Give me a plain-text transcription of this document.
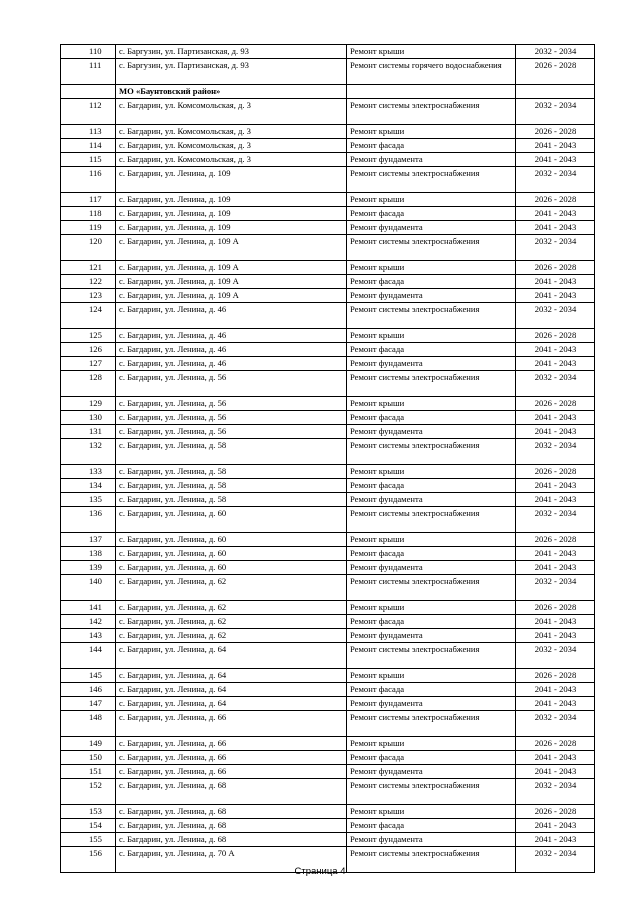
110	с. Баргузин, ул. Партизанская, д. 93	Ремонт крыши	2032 - 2034
111	с. Баргузин, ул. Партизанская, д. 93	Ремонт системы горячего водоснабжения	2026 - 2028
	МО «Баунтовский район»		
112	с. Багдарин, ул. Комсомольская, д. 3	Ремонт системы электроснабжения	2032 - 2034
113	с. Багдарин, ул. Комсомольская, д. 3	Ремонт крыши	2026 - 2028
114	с. Багдарин, ул. Комсомольская, д. 3	Ремонт фасада	2041 - 2043
115	с. Багдарин, ул. Комсомольская, д. 3	Ремонт фундамента	2041 - 2043
116	с. Багдарин, ул. Ленина, д. 109	Ремонт системы электроснабжения	2032 - 2034
117	с. Багдарин, ул. Ленина, д. 109	Ремонт крыши	2026 - 2028
118	с. Багдарин, ул. Ленина, д. 109	Ремонт фасада	2041 - 2043
119	с. Багдарин, ул. Ленина, д. 109	Ремонт фундамента	2041 - 2043
120	с. Багдарин, ул. Ленина, д. 109 А	Ремонт системы электроснабжения	2032 - 2034
121	с. Багдарин, ул. Ленина, д. 109 А	Ремонт крыши	2026 - 2028
122	с. Багдарин, ул. Ленина, д. 109 А	Ремонт фасада	2041 - 2043
123	с. Багдарин, ул. Ленина, д. 109 А	Ремонт фундамента	2041 - 2043
124	с. Багдарин, ул. Ленина, д. 46	Ремонт системы электроснабжения	2032 - 2034
125	с. Багдарин, ул. Ленина, д. 46	Ремонт крыши	2026 - 2028
126	с. Багдарин, ул. Ленина, д. 46	Ремонт фасада	2041 - 2043
127	с. Багдарин, ул. Ленина, д. 46	Ремонт фундамента	2041 - 2043
128	с. Багдарин, ул. Ленина, д. 56	Ремонт системы электроснабжения	2032 - 2034
129	с. Багдарин, ул. Ленина, д. 56	Ремонт крыши	2026 - 2028
130	с. Багдарин, ул. Ленина, д. 56	Ремонт фасада	2041 - 2043
131	с. Багдарин, ул. Ленина, д. 56	Ремонт фундамента	2041 - 2043
132	с. Багдарин, ул. Ленина, д. 58	Ремонт системы электроснабжения	2032 - 2034
133	с. Багдарин, ул. Ленина, д. 58	Ремонт крыши	2026 - 2028
134	с. Багдарин, ул. Ленина, д. 58	Ремонт фасада	2041 - 2043
135	с. Багдарин, ул. Ленина, д. 58	Ремонт фундамента	2041 - 2043
136	с. Багдарин, ул. Ленина, д. 60	Ремонт системы электроснабжения	2032 - 2034
137	с. Багдарин, ул. Ленина, д. 60	Ремонт крыши	2026 - 2028
138	с. Багдарин, ул. Ленина, д. 60	Ремонт фасада	2041 - 2043
139	с. Багдарин, ул. Ленина, д. 60	Ремонт фундамента	2041 - 2043
140	с. Багдарин, ул. Ленина, д. 62	Ремонт системы электроснабжения	2032 - 2034
141	с. Багдарин, ул. Ленина, д. 62	Ремонт крыши	2026 - 2028
142	с. Багдарин, ул. Ленина, д. 62	Ремонт фасада	2041 - 2043
143	с. Багдарин, ул. Ленина, д. 62	Ремонт фундамента	2041 - 2043
144	с. Багдарин, ул. Ленина, д. 64	Ремонт системы электроснабжения	2032 - 2034
145	с. Багдарин, ул. Ленина, д. 64	Ремонт крыши	2026 - 2028
146	с. Багдарин, ул. Ленина, д. 64	Ремонт фасада	2041 - 2043
147	с. Багдарин, ул. Ленина, д. 64	Ремонт фундамента	2041 - 2043
148	с. Багдарин, ул. Ленина, д. 66	Ремонт системы электроснабжения	2032 - 2034
149	с. Багдарин, ул. Ленина, д. 66	Ремонт крыши	2026 - 2028
150	с. Багдарин, ул. Ленина, д. 66	Ремонт фасада	2041 - 2043
151	с. Багдарин, ул. Ленина, д. 66	Ремонт фундамента	2041 - 2043
152	с. Багдарин, ул. Ленина, д. 68	Ремонт системы электроснабжения	2032 - 2034
153	с. Багдарин, ул. Ленина, д. 68	Ремонт крыши	2026 - 2028
154	с. Багдарин, ул. Ленина, д. 68	Ремонт фасада	2041 - 2043
155	с. Багдарин, ул. Ленина, д. 68	Ремонт фундамента	2041 - 2043
156	с. Багдарин, ул. Ленина, д. 70 А	Ремонт системы электроснабжения	2032 - 2034
Страница 4
